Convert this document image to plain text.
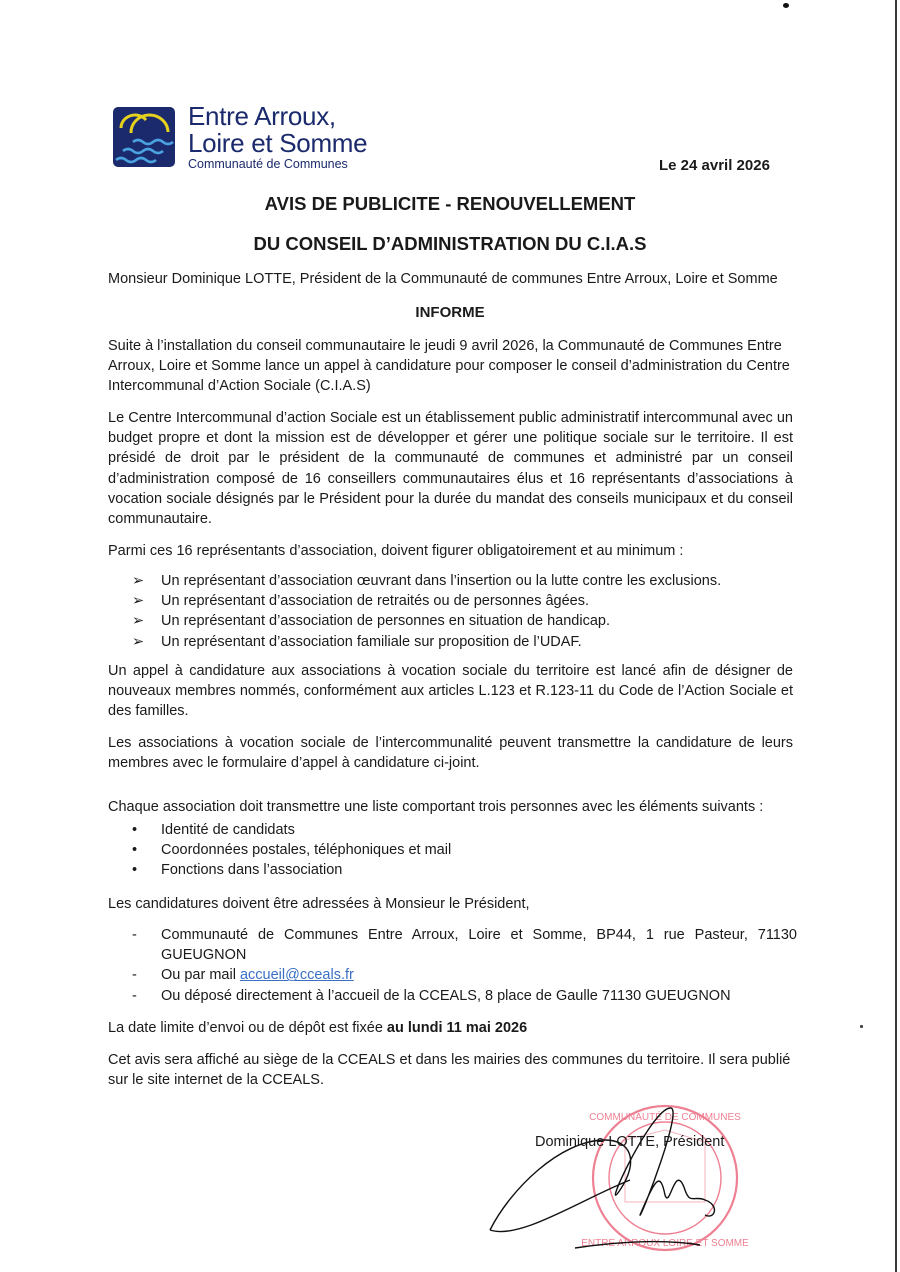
Entre Arroux,
Loire et Somme
Communauté de Communes	Le 24 avril 2026
AVIS DE PUBLICITE - RENOUVELLEMENT
DU CONSEIL D’ADMINISTRATION DU C.I.A.S
Monsieur Dominique LOTTE, Président de la Communauté de communes Entre Arroux, Loire et Somme
INFORME
Suite à l’installation du conseil communautaire le jeudi 9 avril 2026, la Communauté de Communes Entre Arroux, Loire et Somme lance un appel à candidature pour composer le conseil d’administration du Centre Intercommunal d’Action Sociale (C.I.A.S)
Le Centre Intercommunal d’action Sociale est un établissement public administratif intercommunal avec un budget propre et dont la mission est de développer et gérer une politique sociale sur le territoire. Il est présidé de droit par le président de la communauté de communes et administré par un conseil d’administration composé de 16 conseillers communautaires élus et 16 représentants d’associations à vocation sociale désignés par le Président pour la durée du mandat des conseils municipaux et du conseil communautaire.
Parmi ces 16 représentants d’association, doivent figurer obligatoirement et au minimum :
➢	Un représentant d’association œuvrant dans l’insertion ou la lutte contre les exclusions.
➢	Un représentant d’association de retraités ou de personnes âgées.
➢	Un représentant d’association de personnes en situation de handicap.
➢	Un représentant d’association familiale sur proposition de l’UDAF.
Un appel à candidature aux associations à vocation sociale du territoire est lancé afin de désigner de nouveaux membres nommés, conformément aux articles L.123 et R.123-11 du Code de l’Action Sociale et des familles.
Les associations à vocation sociale de l’intercommunalité peuvent transmettre la candidature de leurs membres avec le formulaire d’appel à candidature ci-joint.
Chaque association doit transmettre une liste comportant trois personnes avec les éléments suivants :
•	Identité de candidats
•	Coordonnées postales, téléphoniques et mail
•	Fonctions dans l’association
Les candidatures doivent être adressées à Monsieur le Président,
-	Communauté de Communes Entre Arroux, Loire et Somme, BP44, 1 rue Pasteur, 71130 GUEUGNON
-	Ou par mail accueil@cceals.fr
-	Ou déposé directement à l’accueil de la CCEALS, 8 place de Gaulle 71130 GUEUGNON
La date limite d’envoi ou de dépôt est fixée au lundi 11 mai 2026
Cet avis sera affiché au siège de la CCEALS et dans les mairies des communes du territoire. Il sera publié sur le site internet de la CCEALS.
COMMUNAUTÉ DE COMMUNES
ENTRE ARROUX LOIRE ET SOMME
Dominique LOTTE, Président
